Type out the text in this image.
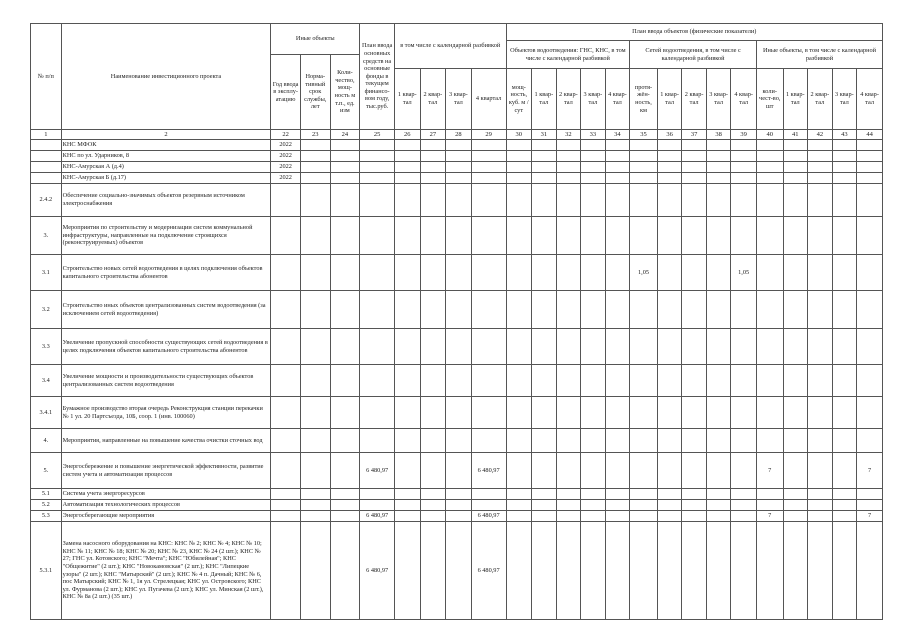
№ п/п	Наименование инвестиционного проекта	Иные объекты			План ввода основных средств на основные фонды в текущем финансо-вом году, тыс.руб.	в том числе с календарной разбивкой				План ввода объектов (физические показатели)														
										Объектов водоотведения: ГНС, КНС, в том числе с календарной разбивкой					Сетей водоотведения, в том числе с календарной разбивкой					Иные объекты, в том числе с календарной разбивкой				
		Год ввода в эксплу-атацию	Норма-тивный срок службы, лет	Коли-чество, мощ-ность м т.п., ед. изм																				
						1 квар-тал	2 квар-тал	3 квар-тал	4 квартал	мощ-ность, куб. м / сут	1 квар-тал	2 квар-тал	3 квар-тал	4 квар-тал	протя-жён-ность, км	1 квар-тал	2 квар-тал	3 квар-тал	4 квар-тал	коли-чест-во, шт	1 квар-тал	2 квар-тал	3 квар-тал	4 квар-тал
1	2	22	23	24	25	26	27	28	29	30	31	32	33	34	35	36	37	38	39	40	41	42	43	44
	КНС МФОК	2022																						
	КНС по ул. Ударников, 8	2022																						
	КНС-Амурская А (д.4)	2022																						
	КНС-Амурская Б (д.17)	2022																						
2.4.2	Обеспечение социально-значимых объектов резервным источником электроснабжения																							
3.	Мероприятия по строительству и модернизации систем коммунальной инфраструктуры, направленные на подключение строящихся (реконструируемых) объектов																							
3.1	Строительство новых сетей водоотведения в целях подключения объектов капитального строительства абонентов														1,05				1,05					
3.2	Строительство иных объектов централизованных систем водоотведения (за исключением сетей водоотведения)																							
3.3	Увеличение пропускной способности существующих сетей водоотведения в целях подключения объектов капитального строительства абонентов																							
3.4	Увеличение мощности и производительности существующих объектов централизованных систем водоотведения																							
3.4.1	Бумажное производство вторая очередь Реконструкция станции перекачки № 1 ул. 20 Партсъезда, 10Б, соор. 1 (инв. 100060)																							
4.	Мероприятия, направленные на повышение качества очистки сточных вод																							
5.	Энергосбережение и повышение энергетической эффективности, развитие систем учета и автоматизация процессов				6 480,97				6 480,97											7				7
5.1	Система учета энергоресурсов																							
5.2	Автоматизация технологических процессов																							
5.3	Энергосберегающие мероприятия				6 480,97				6 480,97											7				7
5.3.1	Замена насосного оборудования на КНС: КНС № 2; КНС № 4; КНС № 10; КНС № 11; КНС № 18; КНС № 20; КНС № 23, КНС № 24 (2 шт.); КНС № 27; ГНС ул. Котовского; КНС "Мечта"; КНС "Юбилейная"; КНС "Общежитие" (2 шт.); КНС "Новокамовская" (2 шт.); КНС "Липецкие узоры" (2 шт.); КНС "Матырский" (2 шт.); КНС № 4 п. Дачный; КНС № 6, пос Матырский; КНС № 1, 1я ул. Стрелецкая; КНС ул. Островского; КНС ул. Фурманова (2 шт.); КНС ул. Пугачева (2 шт.); КНС ул. Минская (2 шт.), КНС № 8а (2 шт.) (35 шт.)				6 480,97				6 480,97															
